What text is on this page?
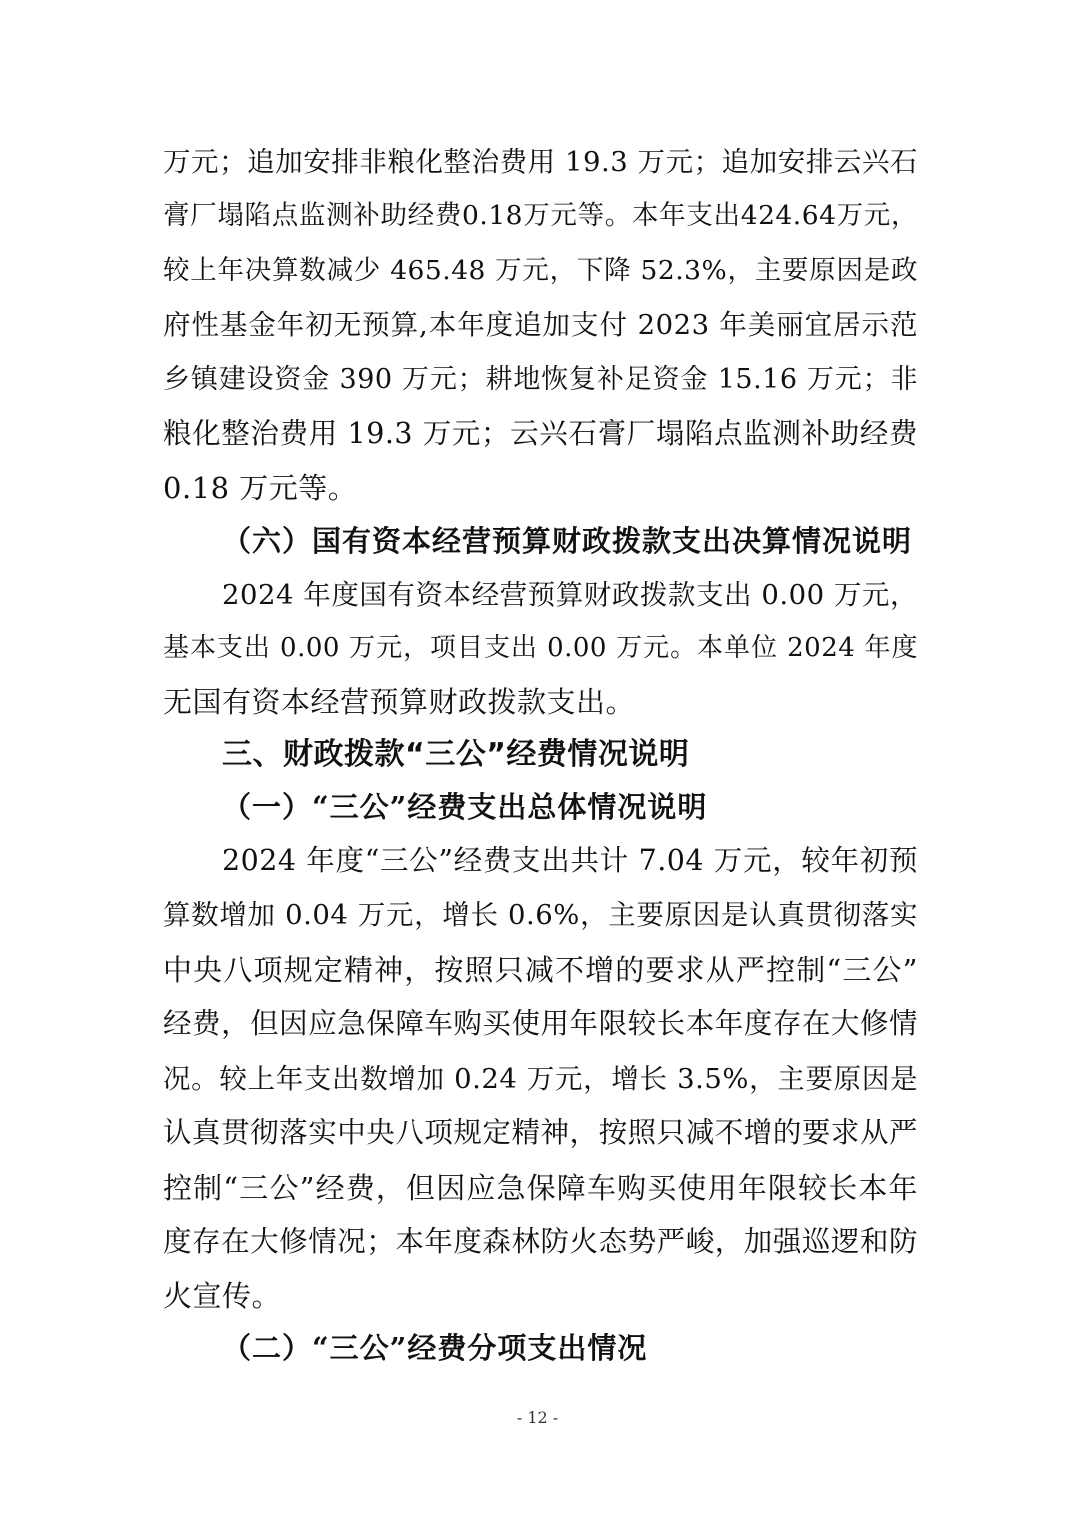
万元；追加安排非粮化整治费用 19.3 万元；追加安排云兴石
膏厂塌陷点监测补助经费0.18万元等。本年支出424.64万元，
较上年决算数减少 465.48 万元，下降 52.3%，主要原因是政
府性基金年初无预算,本年度追加支付 2023 年美丽宜居示范
乡镇建设资金 390 万元；耕地恢复补足资金 15.16 万元；非
粮化整治费用 19.3 万元；云兴石膏厂塌陷点监测补助经费
0.18 万元等。
（六）国有资本经营预算财政拨款支出决算情况说明
2024 年度国有资本经营预算财政拨款支出 0.00 万元，
基本支出 0.00 万元，项目支出 0.00 万元。本单位 2024 年度
无国有资本经营预算财政拨款支出。
三、财政拨款“三公”经费情况说明
（一）“三公”经费支出总体情况说明
2024 年度“三公”经费支出共计 7.04 万元，较年初预
算数增加 0.04 万元，增长 0.6%，主要原因是认真贯彻落实
中央八项规定精神，按照只减不增的要求从严控制“三公”
经费，但因应急保障车购买使用年限较长本年度存在大修情
况。较上年支出数增加 0.24 万元，增长 3.5%，主要原因是
认真贯彻落实中央八项规定精神，按照只减不增的要求从严
控制“三公”经费，但因应急保障车购买使用年限较长本年
度存在大修情况；本年度森林防火态势严峻，加强巡逻和防
火宣传。
（二）“三公”经费分项支出情况
- 12 -
